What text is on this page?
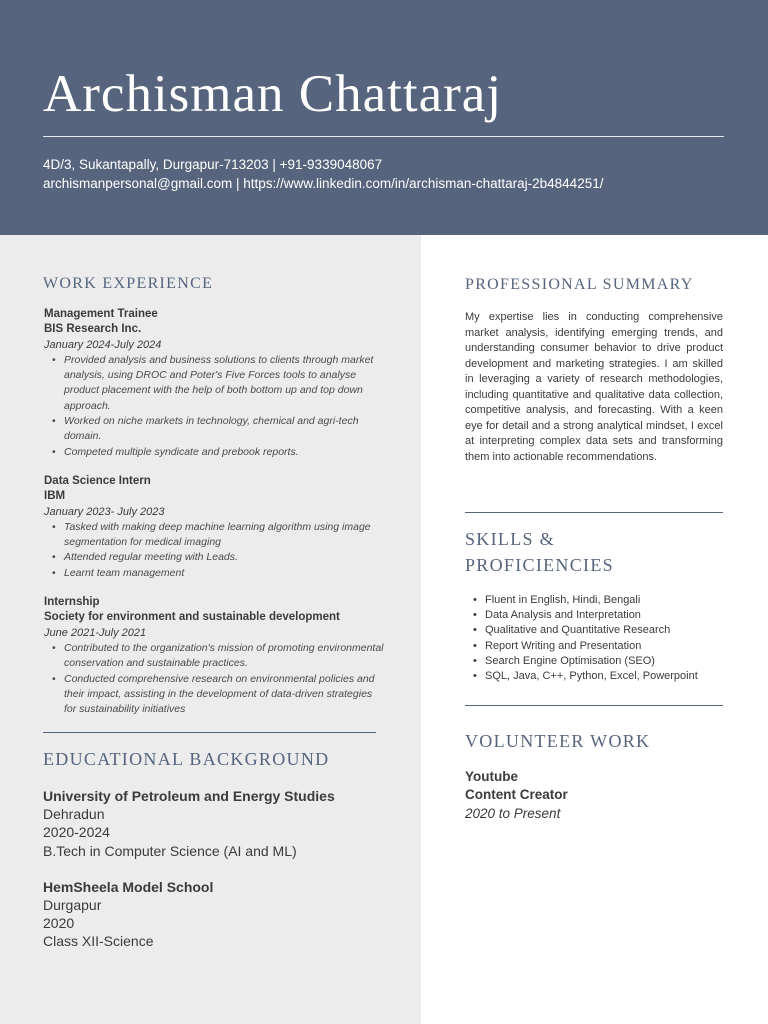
Archisman Chattaraj
4D/3, Sukantapally, Durgapur-713203 | +91-9339048067
archismanpersonal@gmail.com | https://www.linkedin.com/in/archisman-chattaraj-2b4844251/
WORK EXPERIENCE
Management Trainee
BIS Research Inc.
January 2024-July 2024
• Provided analysis and business solutions to clients through market analysis, using DROC and Poter's Five Forces tools to analyse product placement with the help of both bottom up and top down approach.
• Worked on niche markets in technology, chemical and agri-tech domain.
• Competed multiple syndicate and prebook reports.
Data Science Intern
IBM
January 2023- July 2023
• Tasked with making deep machine learning algorithm using image segmentation for medical imaging
• Attended regular meeting with Leads.
• Learnt team management
Internship
Society for environment and sustainable development
June 2021-July 2021
• Contributed to the organization's mission of promoting environmental conservation and sustainable practices.
• Conducted comprehensive research on environmental policies and their impact, assisting in the development of data-driven strategies for sustainability initiatives
EDUCATIONAL BACKGROUND
University of Petroleum and Energy Studies
Dehradun
2020-2024
B.Tech in Computer Science (AI and ML)
HemSheela Model School
Durgapur
2020
Class XII-Science
PROFESSIONAL SUMMARY

My expertise lies in conducting comprehensive market analysis, identifying emerging trends, and understanding consumer behavior to drive product development and marketing strategies. I am skilled in leveraging a variety of research methodologies, including quantitative and qualitative data collection, competitive analysis, and forecasting. With a keen eye for detail and a strong analytical mindset, I excel at interpreting complex data sets and transforming them into actionable recommendations.

SKILLS & PROFICIENCIES
• Fluent in English, Hindi, Bengali
• Data Analysis and Interpretation
• Qualitative and Quantitative Research
• Report Writing and Presentation
• Search Engine Optimisation (SEO)
• SQL, Java, C++, Python, Excel, Powerpoint
VOLUNTEER WORK
Youtube
Content Creator
2020 to Present
